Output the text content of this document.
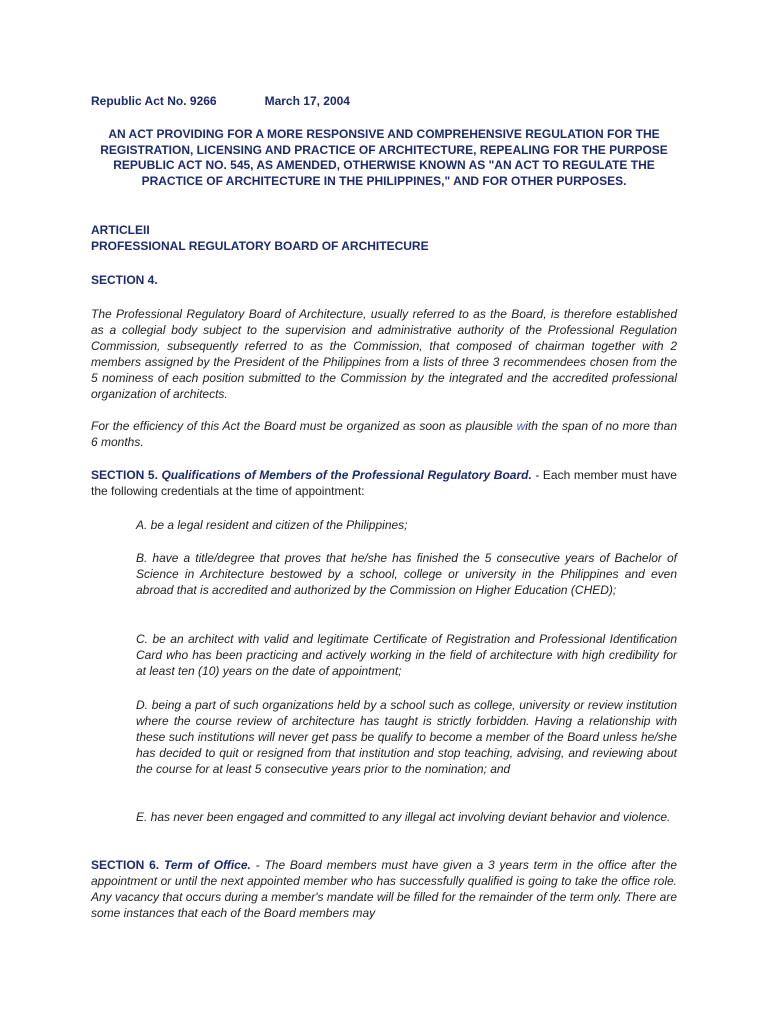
Republic Act No. 9266	March 17, 2004
AN ACT PROVIDING FOR A MORE RESPONSIVE AND COMPREHENSIVE REGULATION FOR THE REGISTRATION, LICENSING AND PRACTICE OF ARCHITECTURE, REPEALING FOR THE PURPOSE REPUBLIC ACT NO. 545, AS AMENDED, OTHERWISE KNOWN AS "AN ACT TO REGULATE THE PRACTICE OF ARCHITECTURE IN THE PHILIPPINES," AND FOR OTHER PURPOSES.
ARTICLEII
PROFESSIONAL REGULATORY BOARD OF ARCHITECURE
SECTION 4.
The Professional Regulatory Board of Architecture, usually referred to as the Board, is therefore established as a collegial body subject to the supervision and administrative authority of the Professional Regulation Commission, subsequently referred to as the Commission, that composed of chairman together with 2 members assigned by the President of the Philippines from a lists of three 3 recommendees chosen from the 5 nominess of each position submitted to the Commission by the integrated and the accredited professional organization of architects.
For the efficiency of this Act the Board must be organized as soon as plausible with the span of no more than 6 months.
SECTION 5. Qualifications of Members of the Professional Regulatory Board. - Each member must have the following credentials at the time of appointment:
A. be a legal resident and citizen of the Philippines;
B. have a title/degree that proves that he/she has finished the 5 consecutive years of Bachelor of Science in Architecture bestowed by a school, college or university in the Philippines and even abroad that is accredited and authorized by the Commission on Higher Education (CHED);
C. be an architect with valid and legitimate Certificate of Registration and Professional Identification Card who has been practicing and actively working in the field of architecture with high credibility for at least ten (10) years on the date of appointment;
D. being a part of such organizations held by a school such as college, university or review institution where the course review of architecture has taught is strictly forbidden. Having a relationship with these such institutions will never get pass be qualify to become a member of the Board unless he/she has decided to quit or resigned from that institution and stop teaching, advising, and reviewing about the course for at least 5 consecutive years prior to the nomination; and
E. has never been engaged and committed to any illegal act involving deviant behavior and violence.
SECTION 6. Term of Office. - The Board members must have given a 3 years term in the office after the appointment or until the next appointed member who has successfully qualified is going to take the office role. Any vacancy that occurs during a member's mandate will be filled for the remainder of the term only. There are some instances that each of the Board members may
